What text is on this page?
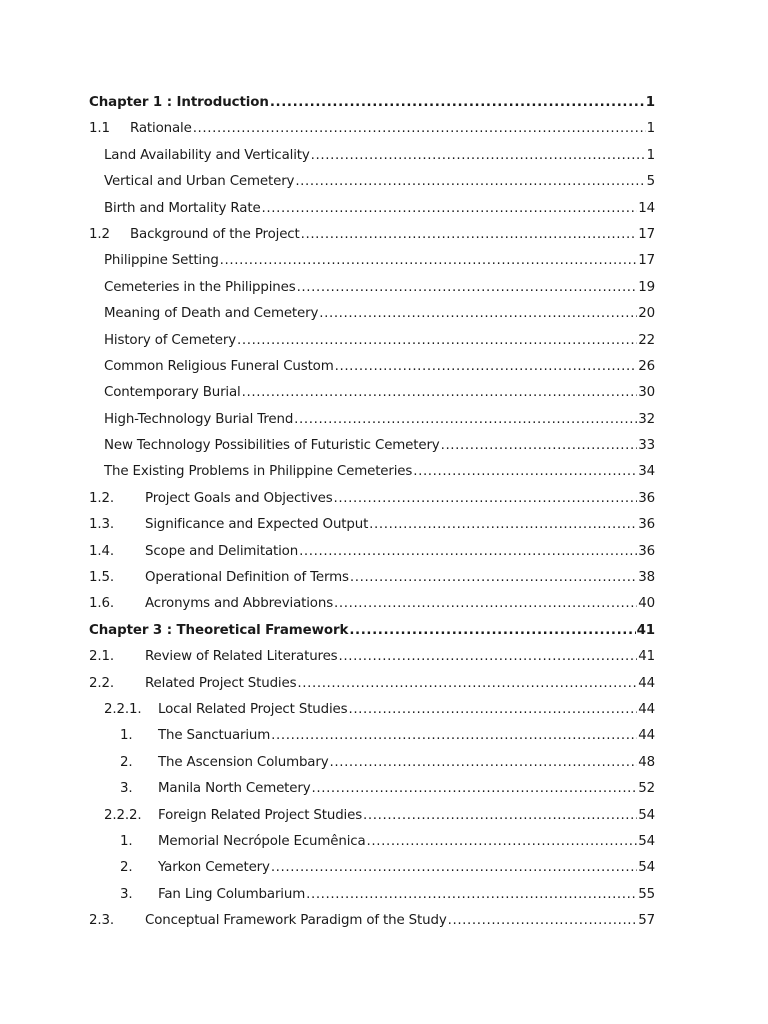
Chapter 1 : Introduction .....	1
1.1	Rationale .....	1
Land Availability and Verticality .....	1
Vertical and Urban Cemetery .....	5
Birth and Mortality Rate .....	14
1.2	Background of the Project .....	17
Philippine Setting .....	17
Cemeteries in the Philippines .....	19
Meaning of Death and Cemetery .....	20
History of Cemetery .....	22
Common Religious Funeral Custom .....	26
Contemporary Burial .....	30
High-Technology Burial Trend .....	32
New Technology Possibilities of Futuristic Cemetery .....	33
The Existing Problems in Philippine Cemeteries .....	34
1.2.	Project Goals and Objectives .....	36
1.3.	Significance and Expected Output .....	36
1.4.	Scope and Delimitation .....	36
1.5.	Operational Definition of Terms .....	38
1.6.	Acronyms and Abbreviations .....	40
Chapter 3 : Theoretical Framework .....	41
2.1.	Review of Related Literatures .....	41
2.2.	Related Project Studies .....	44
2.2.1.	Local Related Project Studies .....	44
1.	The Sanctuarium .....	44
2.	The Ascension Columbary .....	48
3.	Manila North Cemetery .....	52
2.2.2.	Foreign Related Project Studies .....	54
1.	Memorial Necrópole Ecumênica .....	54
2.	Yarkon Cemetery .....	54
3.	Fan Ling Columbarium .....	55
2.3.	Conceptual Framework Paradigm of the Study .....	57
